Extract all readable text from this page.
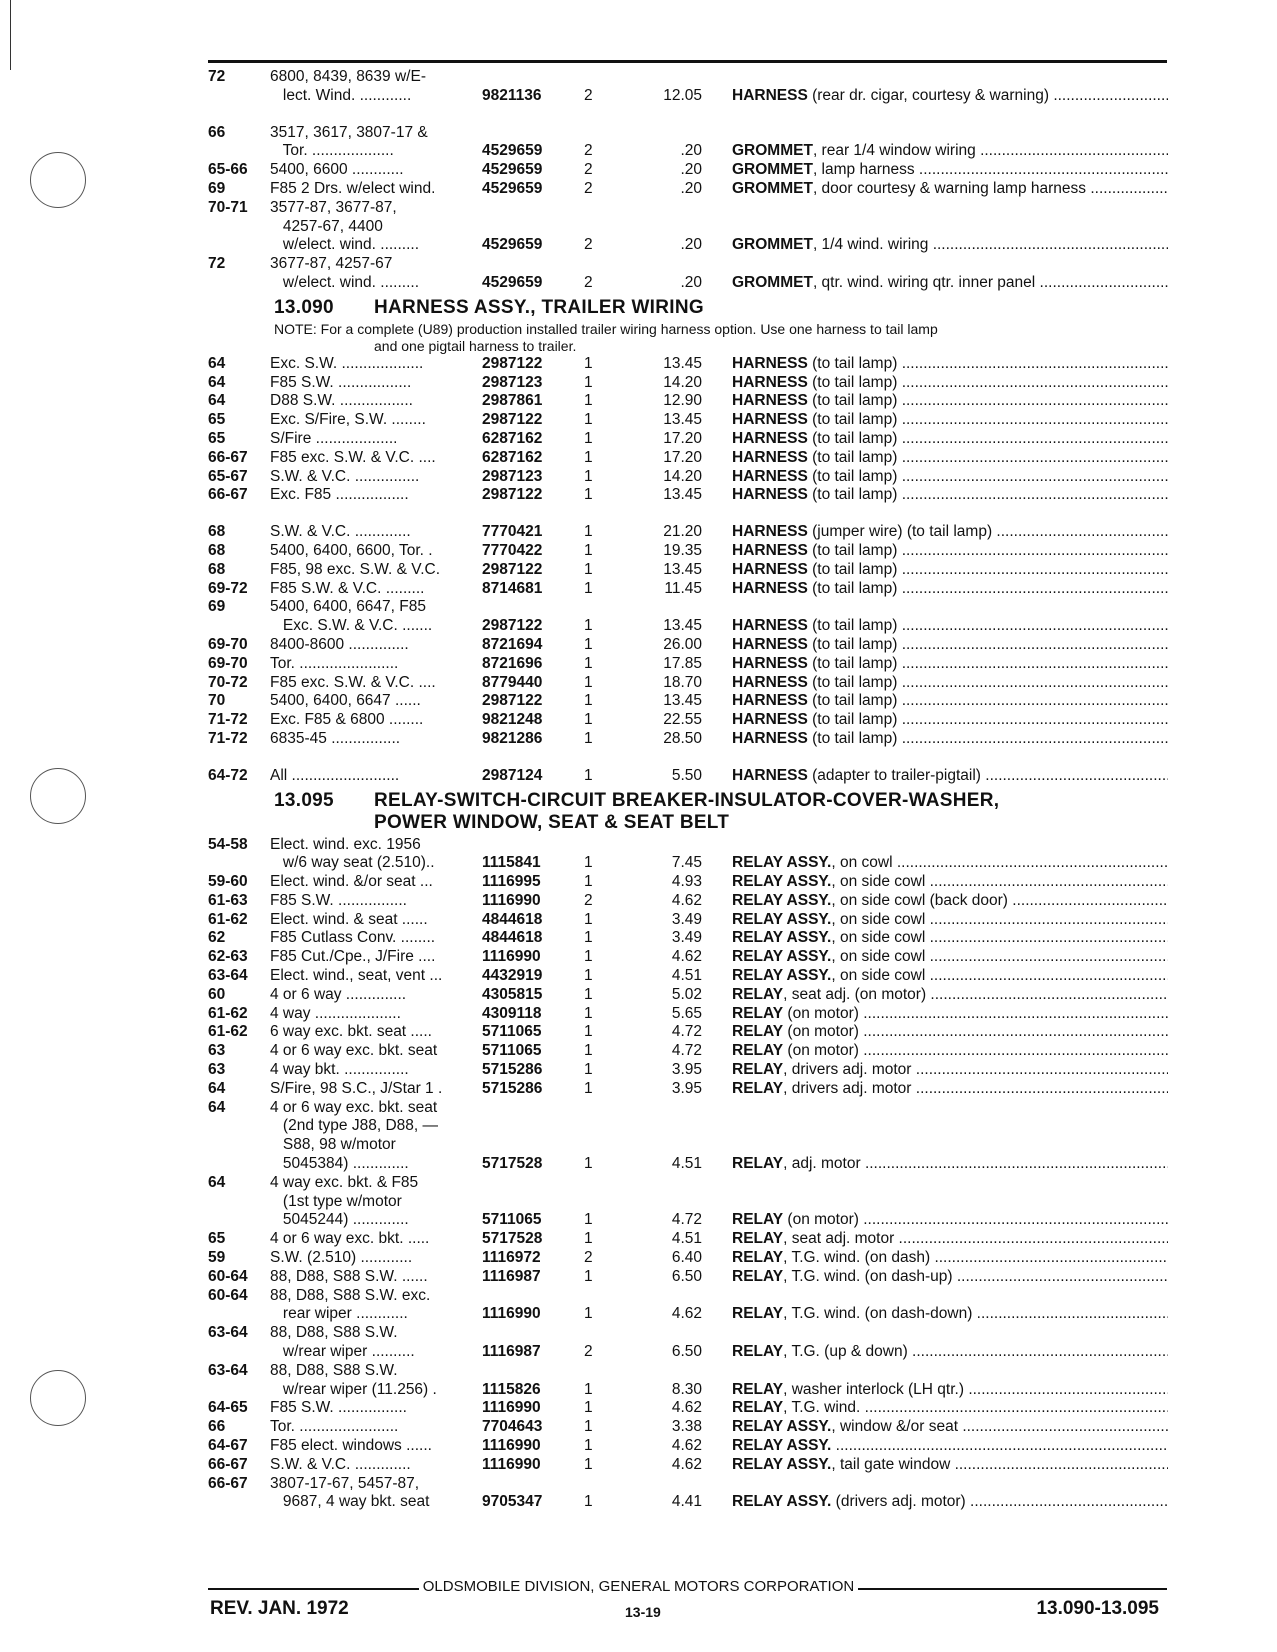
72	6800, 8439, 8639 w/E-
lect. Wind. ............	9821136	2	12.05	HARNESS (rear dr. cigar, courtesy & warning) .....
66	3517, 3617, 3807-17 &
Tor. ...................	4529659	2	.20	GROMMET, rear 1/4 window wiring .....
65-66	5400, 6600 ............	4529659	2	.20	GROMMET, lamp harness .....
69	F85 2 Drs. w/elect wind.	4529659	2	.20	GROMMET, door courtesy & warning lamp harness .....
70-71	3577-87, 3677-87,
4257-67, 4400
w/elect. wind. .........	4529659	2	.20	GROMMET, 1/4 wind. wiring .....
72	3677-87, 4257-67
w/elect. wind. .........	4529659	2	.20	GROMMET, qtr. wind. wiring qtr. inner panel .....
13.090 HARNESS ASSY., TRAILER WIRING
NOTE: For a complete (U89) production installed trailer wiring harness option. Use one harness to tail lamp
and one pigtail harness to trailer.
64	Exc. S.W. ...................	2987122	1	13.45	HARNESS (to tail lamp) .....
64	F85 S.W. .................	2987123	1	14.20	HARNESS (to tail lamp) .....
64	D88 S.W. .................	2987861	1	12.90	HARNESS (to tail lamp) .....
65	Exc. S/Fire, S.W. ........	2987122	1	13.45	HARNESS (to tail lamp) .....
65	S/Fire ...................	6287162	1	17.20	HARNESS (to tail lamp) .....
66-67	F85 exc. S.W. & V.C. ....	6287162	1	17.20	HARNESS (to tail lamp) .....
65-67	S.W. & V.C. ...............	2987123	1	14.20	HARNESS (to tail lamp) .....
66-67	Exc. F85 .................	2987122	1	13.45	HARNESS (to tail lamp) .....
68	S.W. & V.C. .............	7770421	1	21.20	HARNESS (jumper wire) (to tail lamp) .....
68	5400, 6400, 6600, Tor. .	7770422	1	19.35	HARNESS (to tail lamp) .....
68	F85, 98 exc. S.W. & V.C.	2987122	1	13.45	HARNESS (to tail lamp) .....
69-72	F85 S.W. & V.C. .........	8714681	1	11.45	HARNESS (to tail lamp) .....
69	5400, 6400, 6647, F85
Exc. S.W. & V.C. .......	2987122	1	13.45	HARNESS (to tail lamp) .....
69-70	8400-8600 ..............	8721694	1	26.00	HARNESS (to tail lamp) .....
69-70	Tor. .......................	8721696	1	17.85	HARNESS (to tail lamp) .....
70-72	F85 exc. S.W. & V.C. ....	8779440	1	18.70	HARNESS (to tail lamp) .....
70	5400, 6400, 6647 ......	2987122	1	13.45	HARNESS (to tail lamp) .....
71-72	Exc. F85 & 6800 ........	9821248	1	22.55	HARNESS (to tail lamp) .....
71-72	6835-45 ................	9821286	1	28.50	HARNESS (to tail lamp) .....
64-72	All .........................	2987124	1	5.50	HARNESS (adapter to trailer-pigtail) .....
13.095 RELAY-SWITCH-CIRCUIT BREAKER-INSULATOR-COVER-WASHER,
POWER WINDOW, SEAT & SEAT BELT
54-58	Elect. wind. exc. 1956
w/6 way seat (2.510)..	1115841	1	7.45	RELAY ASSY., on cowl .....
59-60	Elect. wind. &/or seat ...	1116995	1	4.93	RELAY ASSY., on side cowl .....
61-63	F85 S.W. ................	1116990	2	4.62	RELAY ASSY., on side cowl (back door) .....
61-62	Elect. wind. & seat ......	4844618	1	3.49	RELAY ASSY., on side cowl .....
62	F85 Cutlass Conv. ........	4844618	1	3.49	RELAY ASSY., on side cowl .....
62-63	F85 Cut./Cpe., J/Fire ....	1116990	1	4.62	RELAY ASSY., on side cowl .....
63-64	Elect. wind., seat, vent ...	4432919	1	4.51	RELAY ASSY., on side cowl .....
60	4 or 6 way ..............	4305815	1	5.02	RELAY, seat adj. (on motor) .....
61-62	4 way ....................	4309118	1	5.65	RELAY (on motor) .....
61-62	6 way exc. bkt. seat .....	5711065	1	4.72	RELAY (on motor) .....
63	4 or 6 way exc. bkt. seat	5711065	1	4.72	RELAY (on motor) .....
63	4 way bkt. ...............	5715286	1	3.95	RELAY, drivers adj. motor .....
64	S/Fire, 98 S.C., J/Star 1 .	5715286	1	3.95	RELAY, drivers adj. motor .....
64	4 or 6 way exc. bkt. seat
(2nd type J88, D88, —
S88, 98 w/motor
5045384) .............	5717528	1	4.51	RELAY, adj. motor .....
64	4 way exc. bkt. & F85
(1st type w/motor
5045244) .............	5711065	1	4.72	RELAY (on motor) .....
65	4 or 6 way exc. bkt. .....	5717528	1	4.51	RELAY, seat adj. motor .....
59	S.W. (2.510) ............	1116972	2	6.40	RELAY, T.G. wind. (on dash) .....
60-64	88, D88, S88 S.W. ......	1116987	1	6.50	RELAY, T.G. wind. (on dash-up) .....
60-64	88, D88, S88 S.W. exc.
rear wiper ............	1116990	1	4.62	RELAY, T.G. wind. (on dash-down) .....
63-64	88, D88, S88 S.W.
w/rear wiper ..........	1116987	2	6.50	RELAY, T.G. (up & down) .....
63-64	88, D88, S88 S.W.
w/rear wiper (11.256) .	1115826	1	8.30	RELAY, washer interlock (LH qtr.) .....
64-65	F85 S.W. ................	1116990	1	4.62	RELAY, T.G. wind. .....
66	Tor. .......................	7704643	1	3.38	RELAY ASSY., window &/or seat .....
64-67	F85 elect. windows ......	1116990	1	4.62	RELAY ASSY. .....
66-67	S.W. & V.C. .............	1116990	1	4.62	RELAY ASSY., tail gate window .....
66-67	3807-17-67, 5457-87,
9687, 4 way bkt. seat	9705347	1	4.41	RELAY ASSY. (drivers adj. motor) .....
OLDSMOBILE DIVISION, GENERAL MOTORS CORPORATION
REV. JAN. 1972	13-19	13.090-13.095
